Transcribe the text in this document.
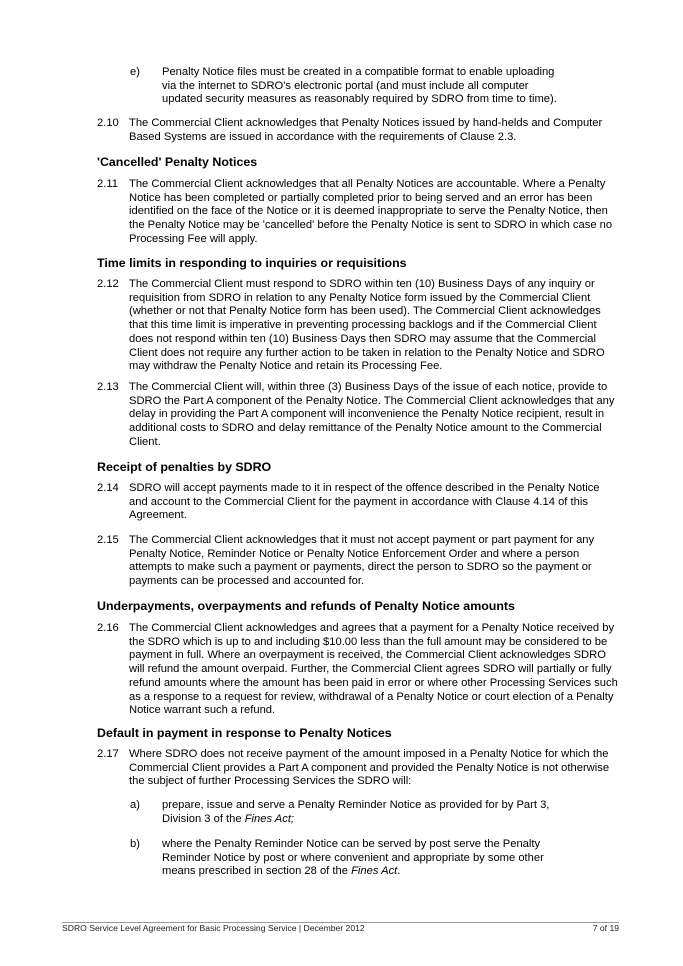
e)	Penalty Notice files must be created in a compatible format to enable uploading via the internet to SDRO's electronic portal (and must include all computer updated security measures as reasonably required by SDRO from time to time).
2.10 The Commercial Client acknowledges that Penalty Notices issued by hand-helds and Computer Based Systems are issued in accordance with the requirements of Clause 2.3.
'Cancelled' Penalty Notices
2.11 The Commercial Client acknowledges that all Penalty Notices are accountable. Where a Penalty Notice has been completed or partially completed prior to being served and an error has been identified on the face of the Notice or it is deemed inappropriate to serve the Penalty Notice, then the Penalty Notice may be 'cancelled' before the Penalty Notice is sent to SDRO in which case no Processing Fee will apply.
Time limits in responding to inquiries or requisitions
2.12 The Commercial Client must respond to SDRO within ten (10) Business Days of any inquiry or requisition from SDRO in relation to any Penalty Notice form issued by the Commercial Client (whether or not that Penalty Notice form has been used). The Commercial Client acknowledges that this time limit is imperative in preventing processing backlogs and if the Commercial Client does not respond within ten (10) Business Days then SDRO may assume that the Commercial Client does not require any further action to be taken in relation to the Penalty Notice and SDRO may withdraw the Penalty Notice and retain its Processing Fee.
2.13 The Commercial Client will, within three (3) Business Days of the issue of each notice, provide to SDRO the Part A component of the Penalty Notice. The Commercial Client acknowledges that any delay in providing the Part A component will inconvenience the Penalty Notice recipient, result in additional costs to SDRO and delay remittance of the Penalty Notice amount to the Commercial Client.
Receipt of penalties by SDRO
2.14 SDRO will accept payments made to it in respect of the offence described in the Penalty Notice and account to the Commercial Client for the payment in accordance with Clause 4.14 of this Agreement.
2.15 The Commercial Client acknowledges that it must not accept payment or part payment for any Penalty Notice, Reminder Notice or Penalty Notice Enforcement Order and where a person attempts to make such a payment or payments, direct the person to SDRO so the payment or payments can be processed and accounted for.
Underpayments, overpayments and refunds of Penalty Notice amounts
2.16 The Commercial Client acknowledges and agrees that a payment for a Penalty Notice received by the SDRO which is up to and including $10.00 less than the full amount may be considered to be payment in full. Where an overpayment is received, the Commercial Client acknowledges SDRO will refund the amount overpaid. Further, the Commercial Client agrees SDRO will partially or fully refund amounts where the amount has been paid in error or where other Processing Services such as a response to a request for review, withdrawal of a Penalty Notice or court election of a Penalty Notice warrant such a refund.
Default in payment in response to Penalty Notices
2.17 Where SDRO does not receive payment of the amount imposed in a Penalty Notice for which the Commercial Client provides a Part A component and provided the Penalty Notice is not otherwise the subject of further Processing Services the SDRO will:
a)	prepare, issue and serve a Penalty Reminder Notice as provided for by Part 3, Division 3 of the Fines Act;
b)	where the Penalty Reminder Notice can be served by post serve the Penalty Reminder Notice by post or where convenient and appropriate by some other means prescribed in section 28 of the Fines Act.
SDRO Service Level Agreement for Basic Processing Service | December 2012	7 of 19
